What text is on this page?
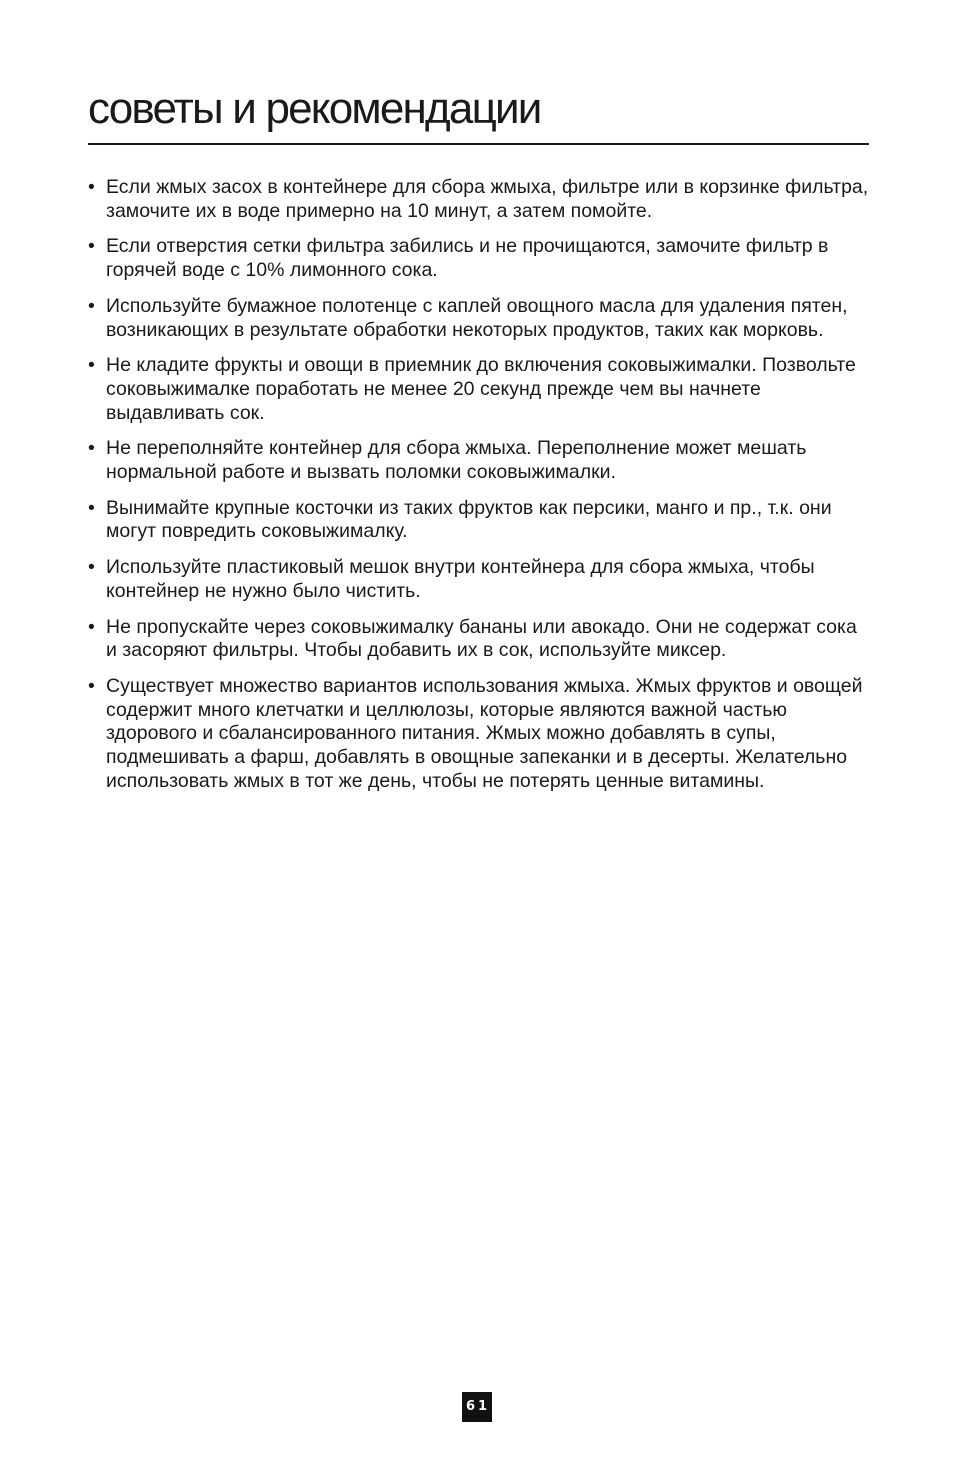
советы и рекомендации
• Если жмых засох в контейнере для сбора жмыха, фильтре или в корзинке фильтра, замочите их в воде примерно на 10 минут, а затем помойте.
• Если отверстия сетки фильтра забились и не прочищаются, замочите фильтр в горячей воде с 10% лимонного сока.
• Используйте бумажное полотенце с каплей овощного масла для удаления пятен, возникающих в результате обработки некоторых продуктов, таких как морковь.
• Не кладите фрукты и овощи в приемник до включения соковыжималки. Позвольте соковыжималке поработать не менее 20 секунд прежде чем вы начнете выдавливать сок.
• Не переполняйте контейнер для сбора жмыха. Переполнение может мешать нормальной работе и вызвать поломки соковыжималки.
• Вынимайте крупные косточки из таких фруктов как персики, манго и пр., т.к. они могут повредить соковыжималку.
• Используйте пластиковый мешок внутри контейнера для сбора жмыха, чтобы контейнер не нужно было чистить.
• Не пропускайте через соковыжималку бананы или авокадо. Они не содержат сока и засоряют фильтры. Чтобы добавить их в сок, используйте миксер.
• Существует множество вариантов использования жмыха. Жмых фруктов и овощей содержит много клетчатки и целлюлозы, которые являются важной частью здорового и сбалансированного питания. Жмых можно добавлять в супы, подмешивать а фарш, добавлять в овощные запеканки и в десерты. Желательно использовать жмых в тот же день, чтобы не потерять ценные витамины.
61
